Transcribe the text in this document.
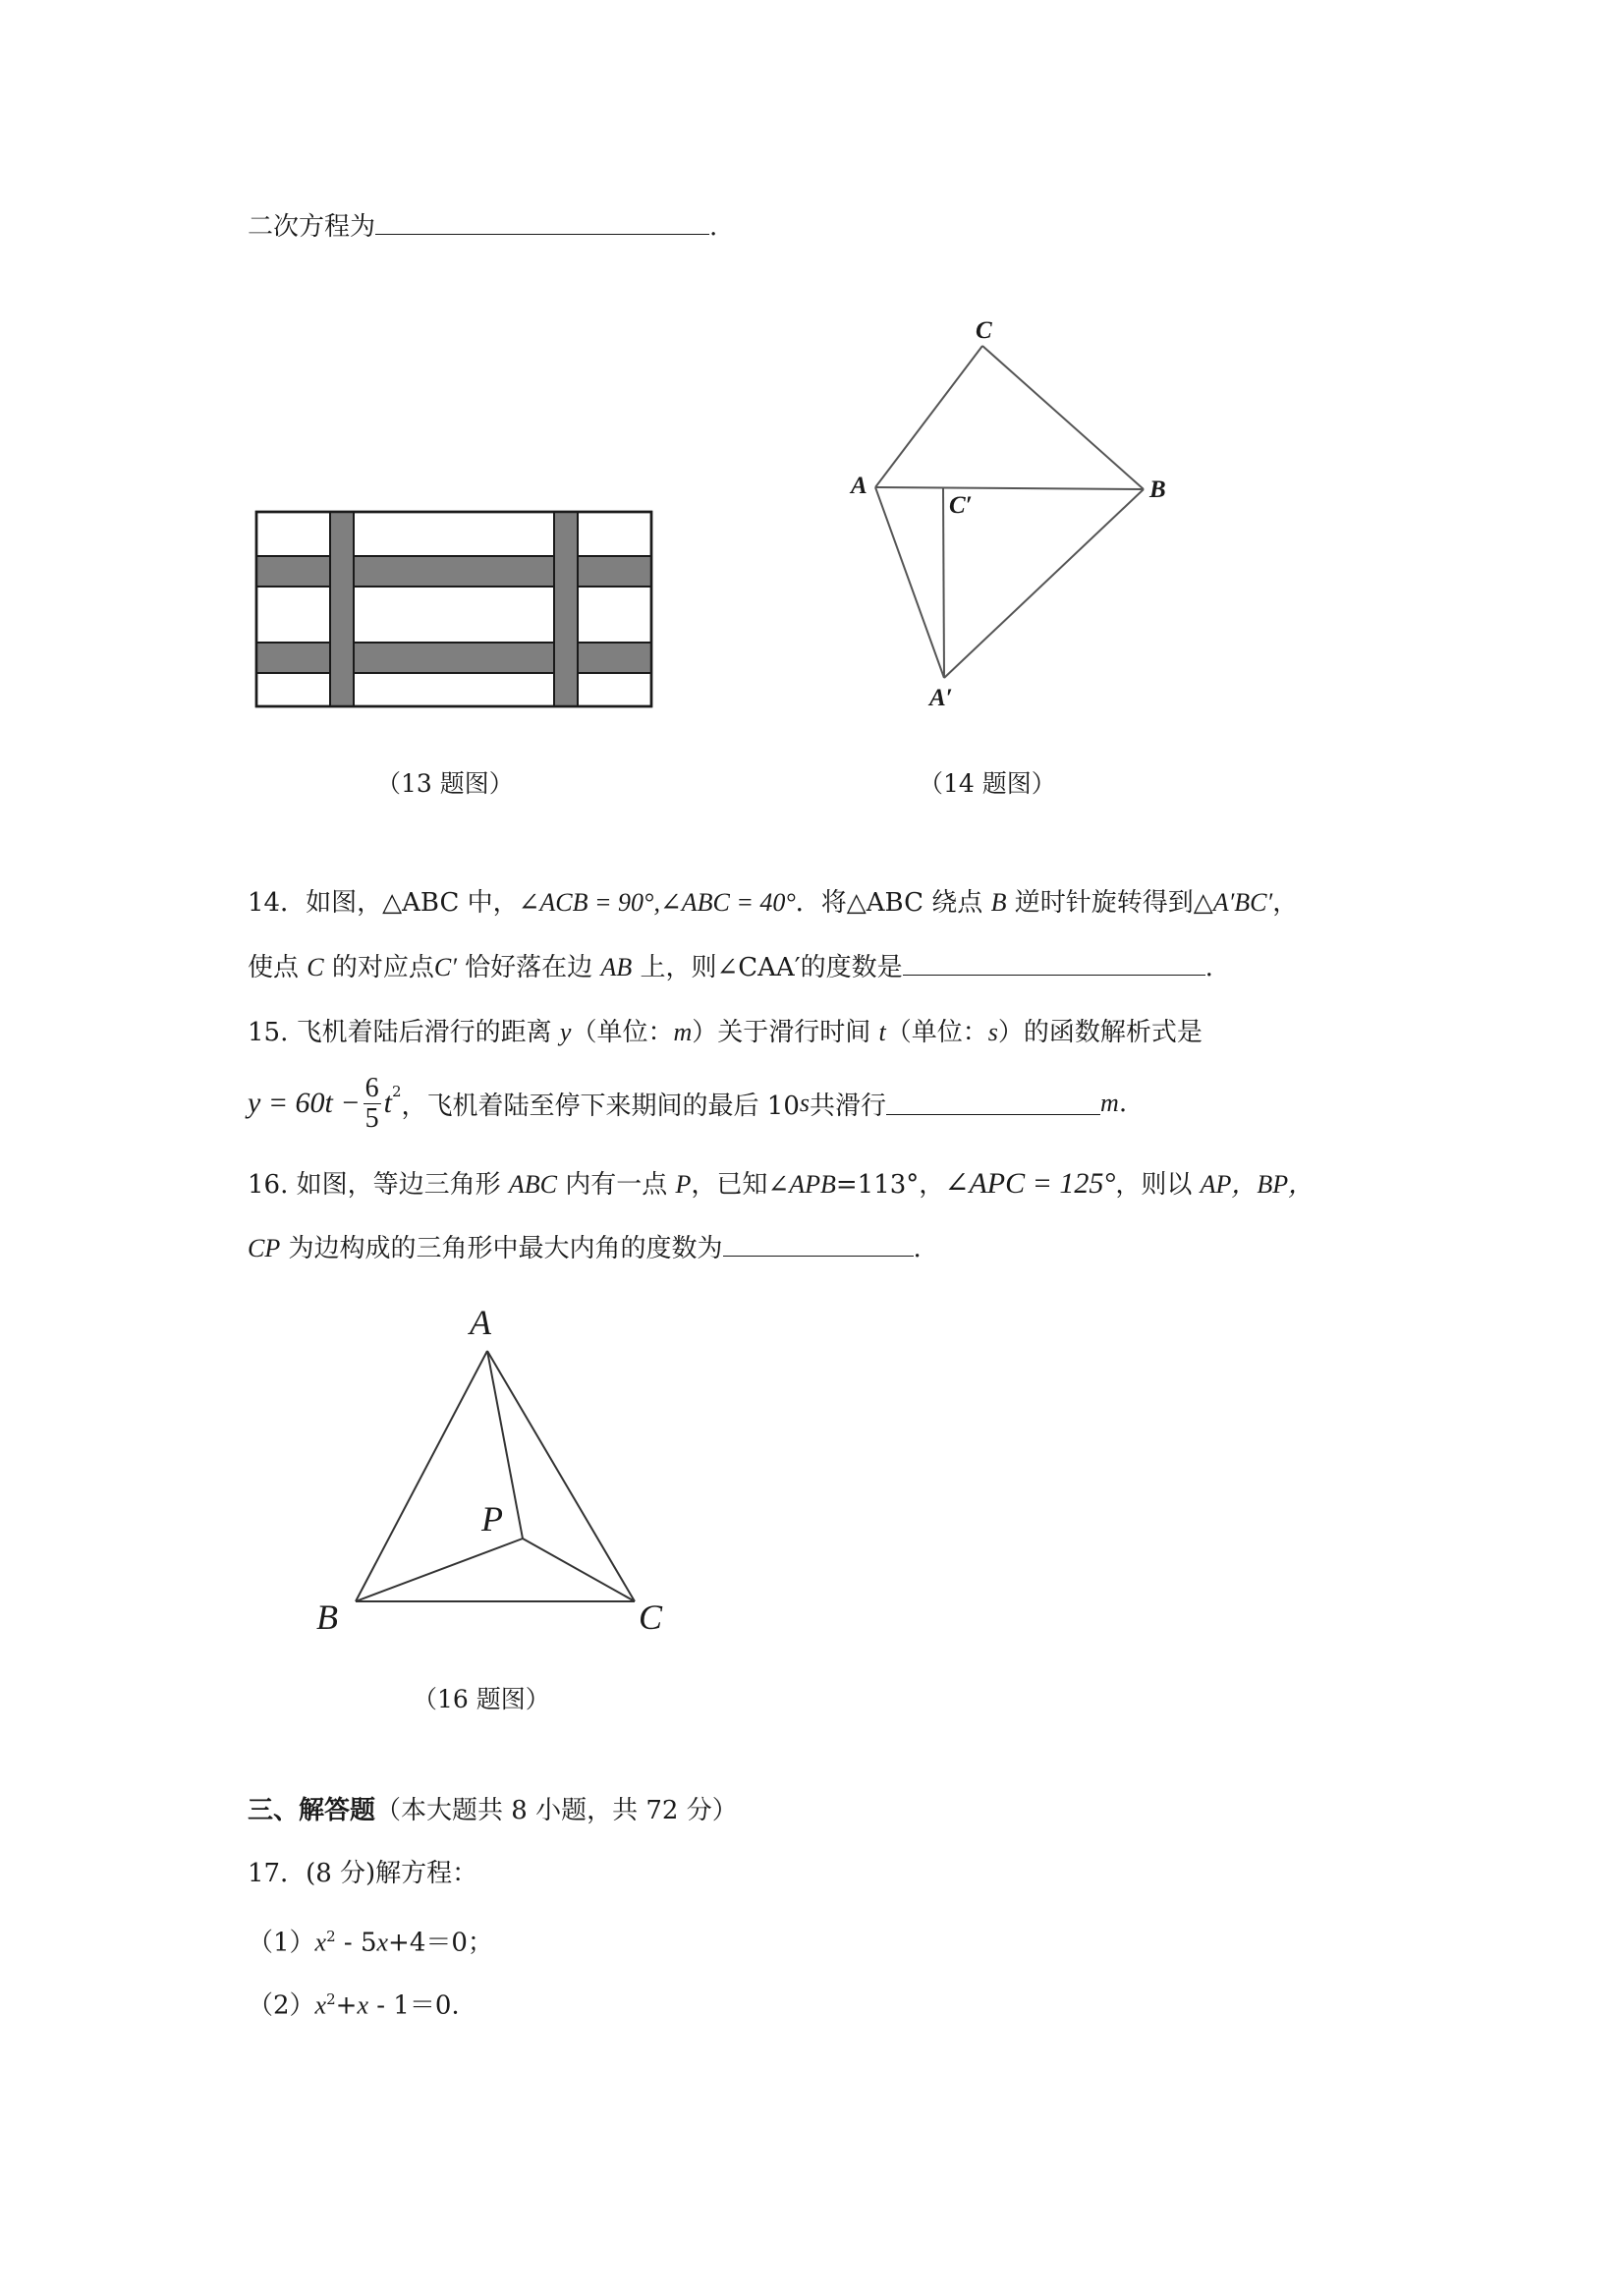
二次方程为	.
C
A	B
C′
A′
（13 题图）	（14 题图）
14．如图，△ABC 中，∠ACB = 90°,∠ABC = 40°．将△ABC 绕点 B 逆时针旋转得到△A′BC′，
使点 C 的对应点C′ 恰好落在边 AB 上，则∠CAA′的度数是	.
15. 飞机着陆后滑行的距离 y（单位：m）关于滑行时间 t（单位：s）的函数解析式是
$y = 60t - \frac{6}{5} t^2$ ，飞机着陆至停下来期间的最后 10 s 共滑行	m .
16. 如图，等边三角形 ABC 内有一点 P，已知∠APB=113°，∠APC = 125°，则以 AP，BP，
CP 为边构成的三角形中最大内角的度数为	.
A
B	C
P
（16 题图）
三、解答题（本大题共 8 小题，共 72 分）
17．(8 分)解方程：
$(1)x^2 - 5x+4=0$；
$(2)x^2+x - 1=0$.
